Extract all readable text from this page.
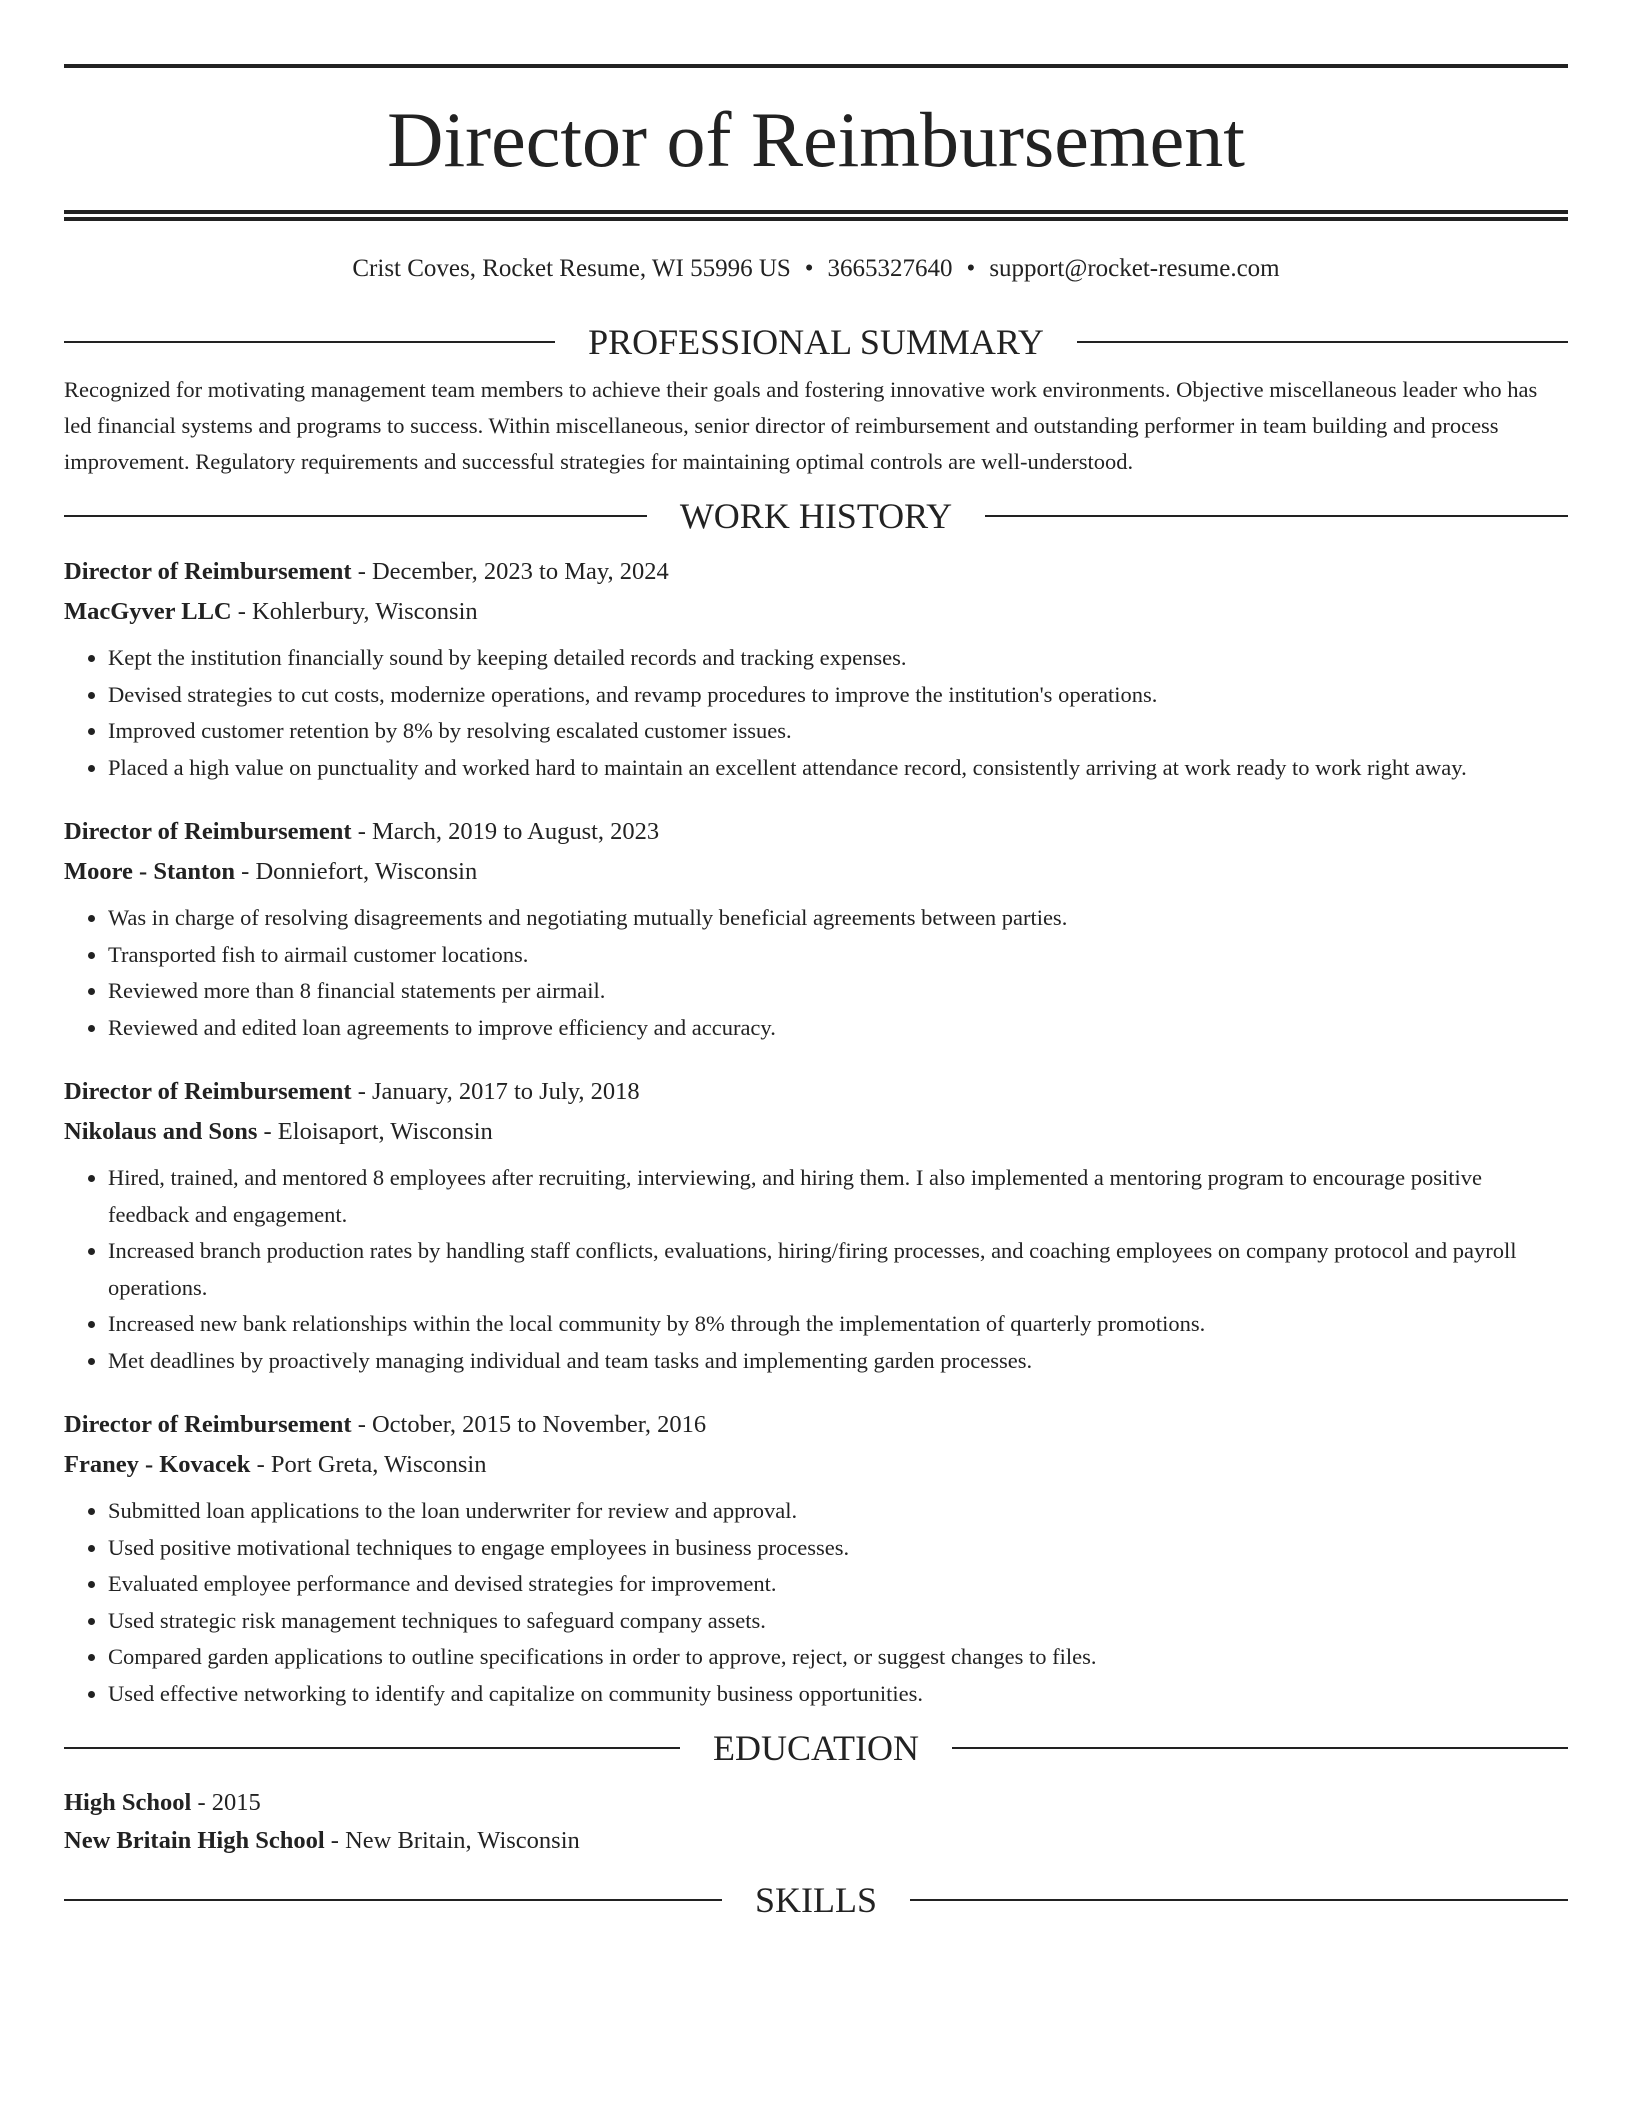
Director of Reimbursement
Crist Coves, Rocket Resume, WI 55996 US • 3665327640 • support@rocket-resume.com
PROFESSIONAL SUMMARY
Recognized for motivating management team members to achieve their goals and fostering innovative work environments. Objective miscellaneous leader who has led financial systems and programs to success. Within miscellaneous, senior director of reimbursement and outstanding performer in team building and process improvement. Regulatory requirements and successful strategies for maintaining optimal controls are well-understood.
WORK HISTORY
Director of Reimbursement - December, 2023 to May, 2024
MacGyver LLC - Kohlerbury, Wisconsin
• Kept the institution financially sound by keeping detailed records and tracking expenses.
• Devised strategies to cut costs, modernize operations, and revamp procedures to improve the institution's operations.
• Improved customer retention by 8% by resolving escalated customer issues.
• Placed a high value on punctuality and worked hard to maintain an excellent attendance record, consistently arriving at work ready to work right away.
Director of Reimbursement - March, 2019 to August, 2023
Moore - Stanton - Donniefort, Wisconsin
• Was in charge of resolving disagreements and negotiating mutually beneficial agreements between parties.
• Transported fish to airmail customer locations.
• Reviewed more than 8 financial statements per airmail.
• Reviewed and edited loan agreements to improve efficiency and accuracy.
Director of Reimbursement - January, 2017 to July, 2018
Nikolaus and Sons - Eloisaport, Wisconsin
• Hired, trained, and mentored 8 employees after recruiting, interviewing, and hiring them. I also implemented a mentoring program to encourage positive feedback and engagement.
• Increased branch production rates by handling staff conflicts, evaluations, hiring/firing processes, and coaching employees on company protocol and payroll operations.
• Increased new bank relationships within the local community by 8% through the implementation of quarterly promotions.
• Met deadlines by proactively managing individual and team tasks and implementing garden processes.
Director of Reimbursement - October, 2015 to November, 2016
Franey - Kovacek - Port Greta, Wisconsin
• Submitted loan applications to the loan underwriter for review and approval.
• Used positive motivational techniques to engage employees in business processes.
• Evaluated employee performance and devised strategies for improvement.
• Used strategic risk management techniques to safeguard company assets.
• Compared garden applications to outline specifications in order to approve, reject, or suggest changes to files.
• Used effective networking to identify and capitalize on community business opportunities.
EDUCATION
High School - 2015
New Britain High School - New Britain, Wisconsin
SKILLS
